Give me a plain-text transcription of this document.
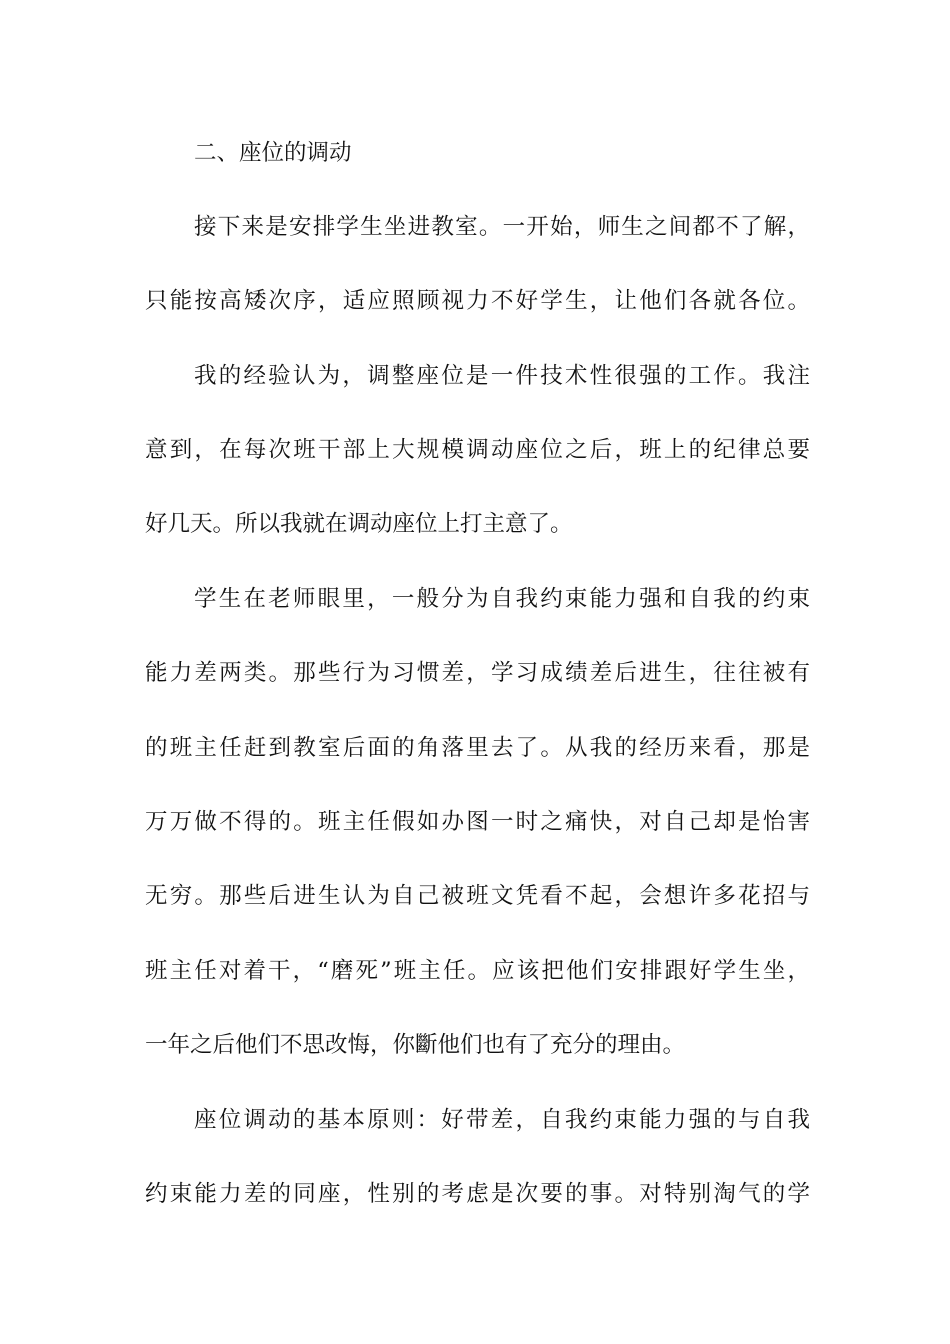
二、座位的调动
接下来是安排学生坐进教室。一开始，师生之间都不了解，
只能按高矮次序，适应照顾视力不好学生，让他们各就各位。
我的经验认为，调整座位是一件技术性很强的工作。我注
意到，在每次班干部上大规模调动座位之后，班上的纪律总要
好几天。所以我就在调动座位上打主意了。
学生在老师眼里，一般分为自我约束能力强和自我的约束
能力差两类。那些行为习惯差，学习成绩差后进生，往往被有
的班主任赶到教室后面的角落里去了。从我的经历来看，那是
万万做不得的。班主任假如办图一时之痛快，对自己却是怡害
无穷。那些后进生认为自己被班文凭看不起，会想许多花招与
班主任对着干，“磨死”班主任。应该把他们安排跟好学生坐，
一年之后他们不思改悔，你斷他们也有了充分的理由。
座位调动的基本原则：好带差，自我约束能力强的与自我
约束能力差的同座，性别的考虑是次要的事。对特别淘气的学
